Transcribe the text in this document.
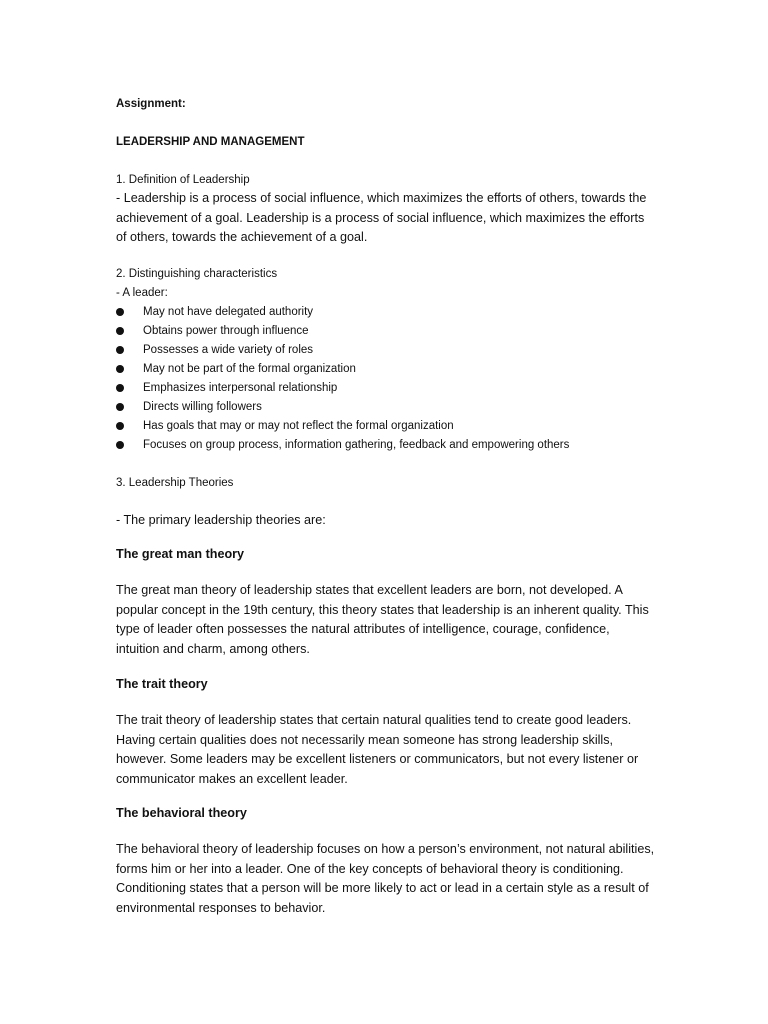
Assignment:

LEADERSHIP AND MANAGEMENT

1. Definition of Leadership

- Leadership is a process of social influence, which maximizes the efforts of others, towards the achievement of a goal. Leadership is a process of social influence, which maximizes the efforts of others, towards the achievement of a goal.

2. Distinguishing characteristics

- A leader:

May not have delegated authority
Obtains power through influence
Possesses a wide variety of roles
May not be part of the formal organization
Emphasizes interpersonal relationship
Directs willing followers
Has goals that may or may not reflect the formal organization
Focuses on group process, information gathering, feedback and empowering others

3. Leadership Theories

- The primary leadership theories are:

The great man theory

The great man theory of leadership states that excellent leaders are born, not developed. A popular concept in the 19th century, this theory states that leadership is an inherent quality. This type of leader often possesses the natural attributes of intelligence, courage, confidence, intuition and charm, among others.

The trait theory

The trait theory of leadership states that certain natural qualities tend to create good leaders. Having certain qualities does not necessarily mean someone has strong leadership skills, however. Some leaders may be excellent listeners or communicators, but not every listener or communicator makes an excellent leader.

The behavioral theory

The behavioral theory of leadership focuses on how a person’s environment, not natural abilities, forms him or her into a leader. One of the key concepts of behavioral theory is conditioning. Conditioning states that a person will be more likely to act or lead in a certain style as a result of environmental responses to behavior.
